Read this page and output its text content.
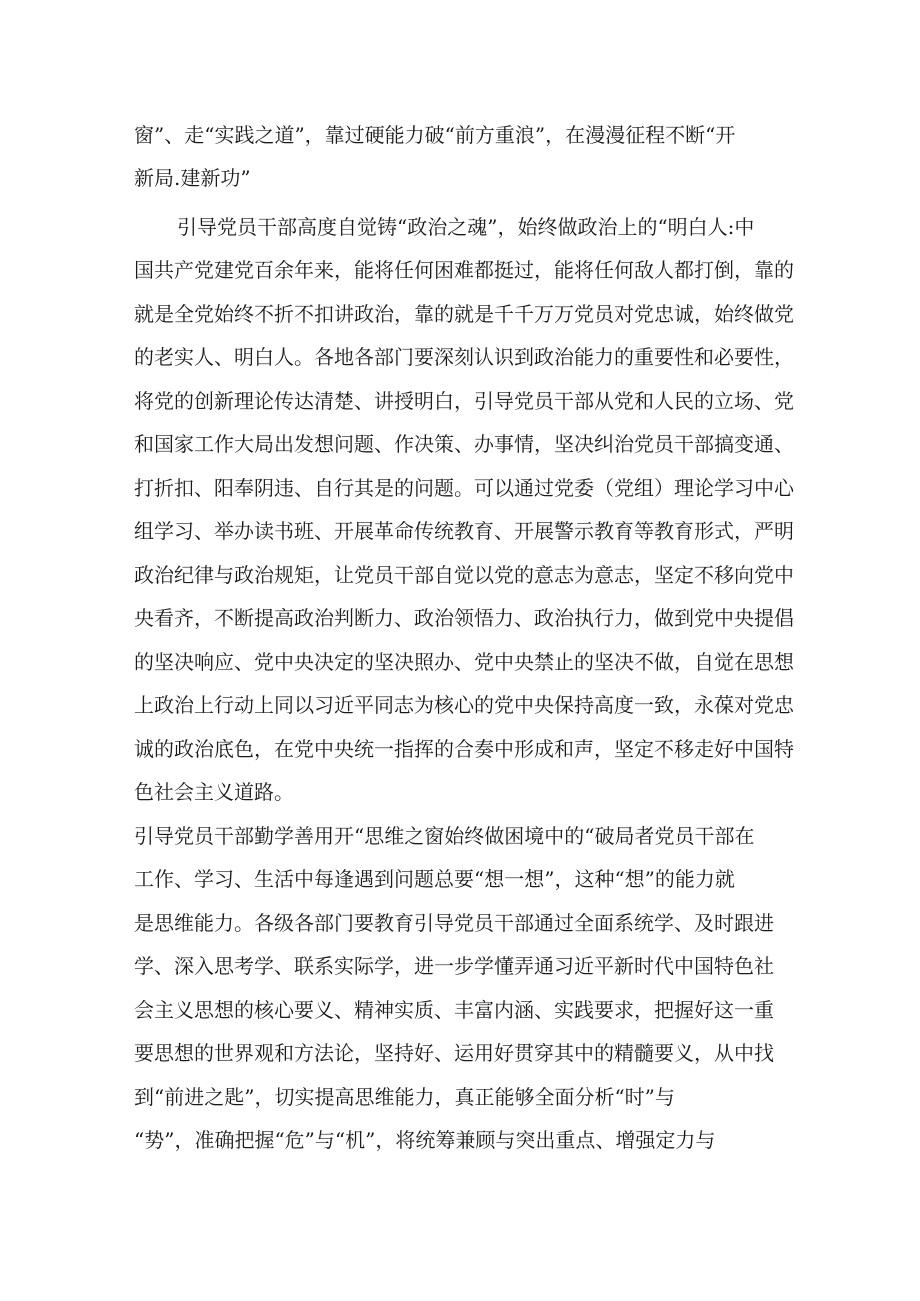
窗”、走“实践之道”，靠过硬能力破“前方重浪”，在漫漫征程不断“开

新局.建新功”

引导党员干部高度自觉铸“政治之魂”，始终做政治上的“明白人:中

国共产党建党百余年来，能将任何困难都挺过，能将任何敌人都打倒，靠的

就是全党始终不折不扣讲政治，靠的就是千千万万党员对党忠诚，始终做党

的老实人、明白人。各地各部门要深刻认识到政治能力的重要性和必要性，

将党的创新理论传达清楚、讲授明白，引导党员干部从党和人民的立场、党

和国家工作大局出发想问题、作决策、办事情，坚决纠治党员干部搞变通、

打折扣、阳奉阴违、自行其是的问题。可以通过党委（党组）理论学习中心

组学习、举办读书班、开展革命传统教育、开展警示教育等教育形式，严明

政治纪律与政治规矩，让党员干部自觉以党的意志为意志，坚定不移向党中

央看齐，不断提高政治判断力、政治领悟力、政治执行力，做到党中央提倡

的坚决响应、党中央决定的坚决照办、党中央禁止的坚决不做，自觉在思想

上政治上行动上同以习近平同志为核心的党中央保持高度一致，永葆对党忠

诚的政治底色，在党中央统一指挥的合奏中形成和声，坚定不移走好中国特

色社会主义道路。

引导党员干部勤学善用开“思维之窗始终做困境中的“破局者党员干部在

工作、学习、生活中每逢遇到问题总要“想一想”，这种“想”的能力就

是思维能力。各级各部门要教育引导党员干部通过全面系统学、及时跟进

学、深入思考学、联系实际学，进一步学懂弄通习近平新时代中国特色社

会主义思想的核心要义、精神实质、丰富内涵、实践要求，把握好这一重

要思想的世界观和方法论，坚持好、运用好贯穿其中的精髓要义，从中找

到“前进之匙”，切实提高思维能力，真正能够全面分析“时”与

“势”，准确把握“危”与“机”，将统筹兼顾与突出重点、增强定力与
